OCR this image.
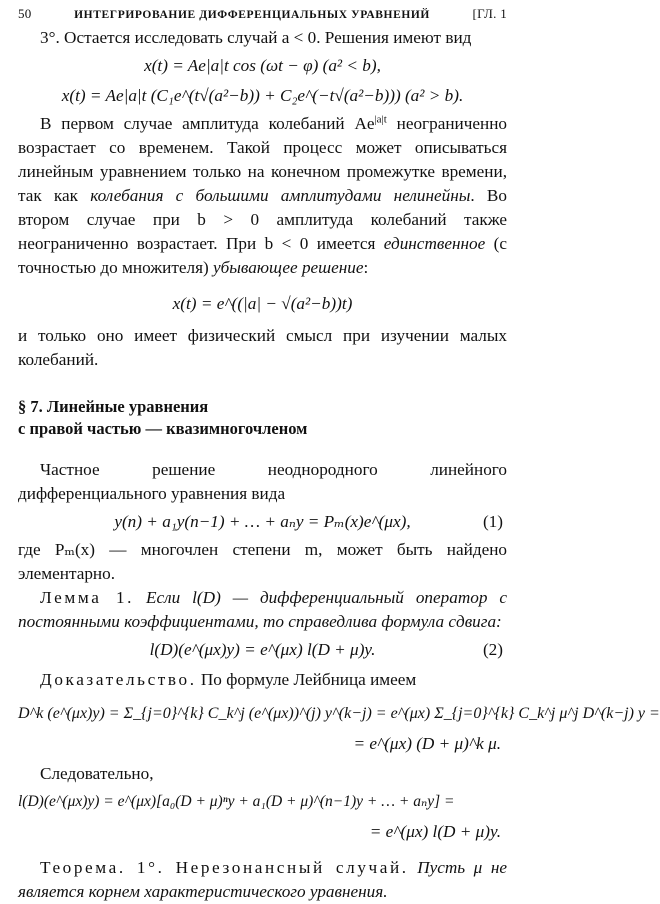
50	ИНТЕГРИРОВАНИЕ ДИФФЕРЕНЦИАЛЬНЫХ УРАВНЕНИЙ	[ГЛ. 1

3°. Остается исследовать случай a < 0. Решения имеют вид

x(t) = Ae|a|t cos (ωt − φ) (a² < b),
x(t) = Ae|a|t (C₁e^(t√(a²−b)) + C₂e^(−t√(a²−b))) (a² > b).

В первом случае амплитуда колебаний $Ae^{|a|t}$ неограниченно возрастает со временем. Такой процесс может описываться линейным уравнением только на конечном промежутке времени, так как колебания с большими амплитудами нелинейны. Во втором случае при b > 0 амплитуда колебаний также неограниченно возрастает. При b < 0 имеется единственное (с точностью до множителя) убывающее решение:

x(t) = e^((|a| − √(a²−b))t)

и только оно имеет физический смысл при изучении малых колебаний.

§ 7. Линейные уравнения
с правой частью — квазимногочленом

Частное решение неоднородного линейного дифференциального уравнения вида

y(n) + a₁y(n−1) + … + aₙy = Pₘ(x)e^(μx),	(1)

где Pₘ(x) — многочлен степени m, может быть найдено элементарно.

Лемма 1. Если l(D) — дифференциальный оператор с постоянными коэффициентами, то справедлива формула сдвига:

l(D)(e^(μx)y) = e^(μx) l(D + μ)y.	(2)

Доказательство. По формуле Лейбница имеем

D^k (e^(μx)y) = Σ_{j=0}^{k} C_k^j (e^(μx))^(j) y^(k−j) = e^(μx) Σ_{j=0}^{k} C_k^j μ^j D^(k−j) y =
= e^(μx) (D + μ)^k μ.

Следовательно,

l(D)(e^(μx)y) = e^(μx)[a₀(D + μ)ⁿy + a₁(D + μ)^(n−1)y + … + aₙy] =
= e^(μx) l(D + μ)y.

Теорема. 1°. Нерезонансный случай. Пусть μ не является корнем характеристического уравнения.
